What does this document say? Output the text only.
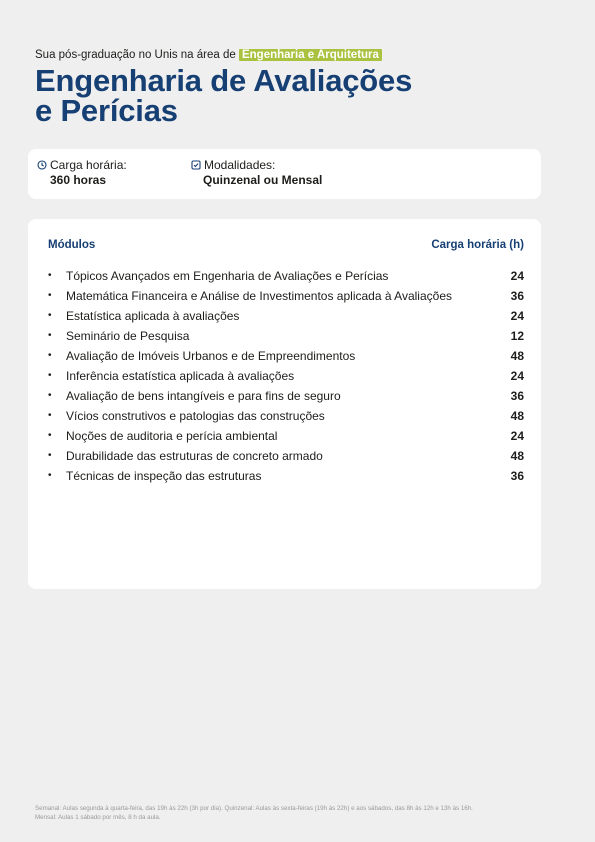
Sua pós-graduação no Unis na área de Engenharia e Arquitetura

Engenharia de Avaliações
e Perícias
Carga horária:
360 horas
Modalidades:
Quinzenal ou Mensal
Módulos	Carga horária (h)
•	Tópicos Avançados em Engenharia de Avaliações e Perícias	24
•	Matemática Financeira e Análise de Investimentos aplicada à Avaliações	36
•	Estatística aplicada à avaliações	24
•	Seminário de Pesquisa	12
•	Avaliação de Imóveis Urbanos e de Empreendimentos	48
•	Inferência estatística aplicada à avaliações	24
•	Avaliação de bens intangíveis e para fins de seguro	36
•	Vícios construtivos e patologias das construções	48
•	Noções de auditoria e perícia ambiental	24
•	Durabilidade das estruturas de concreto armado	48
•	Técnicas de inspeção das estruturas	36
Semanal: Aulas segunda à quarta-feira, das 19h às 22h (3h por dia). Quinzenal: Aulas às sexta-feiras (19h às 22h) e aos sábados, das 8h às 12h e 13h às 16h.
Mensal: Aulas 1 sábado por mês, 8 h da aula.
